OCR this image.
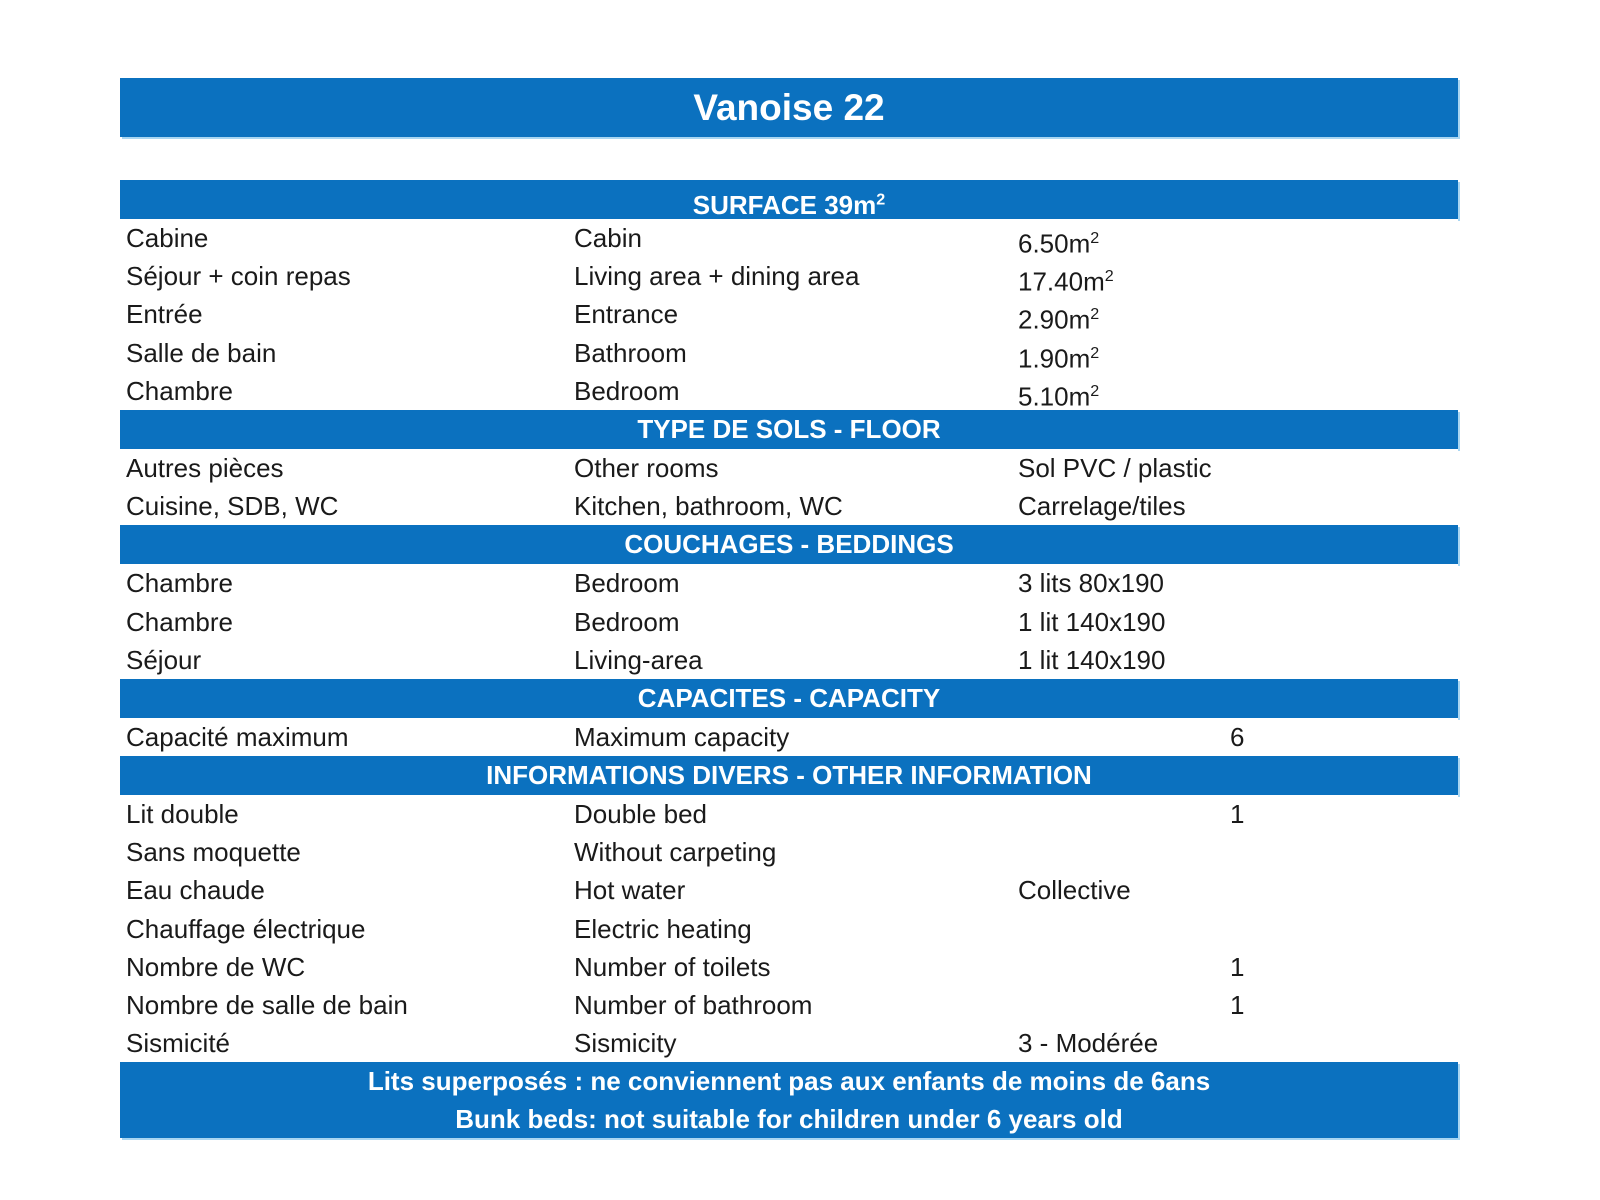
Vanoise 22
SURFACE $39m^2$
Cabine	Cabin	$6.50m^2$
Séjour + coin repas	Living area + dining area	$17.40m^2$
Entrée	Entrance	$2.90m^2$
Salle de bain	Bathroom	$1.90m^2$
Chambre	Bedroom	$5.10m^2$
TYPE DE SOLS - FLOOR
Autres pièces	Other rooms	Sol PVC / plastic
Cuisine, SDB, WC	Kitchen, bathroom, WC	Carrelage/tiles
COUCHAGES - BEDDINGS
Chambre	Bedroom	3 lits 80x190
Chambre	Bedroom	1 lit 140x190
Séjour	Living-area	1 lit 140x190
CAPACITES - CAPACITY
Capacité maximum	Maximum capacity	6
INFORMATIONS DIVERS - OTHER INFORMATION
Lit double	Double bed	1
Sans moquette	Without carpeting
Eau chaude	Hot water	Collective
Chauffage électrique	Electric heating
Nombre de WC	Number of toilets	1
Nombre de salle de bain	Number of bathroom	1
Sismicité	Sismicity	3 - Modérée
Lits superposés : ne conviennent pas aux enfants de moins de 6ans
Bunk beds: not suitable for children under 6 years old
